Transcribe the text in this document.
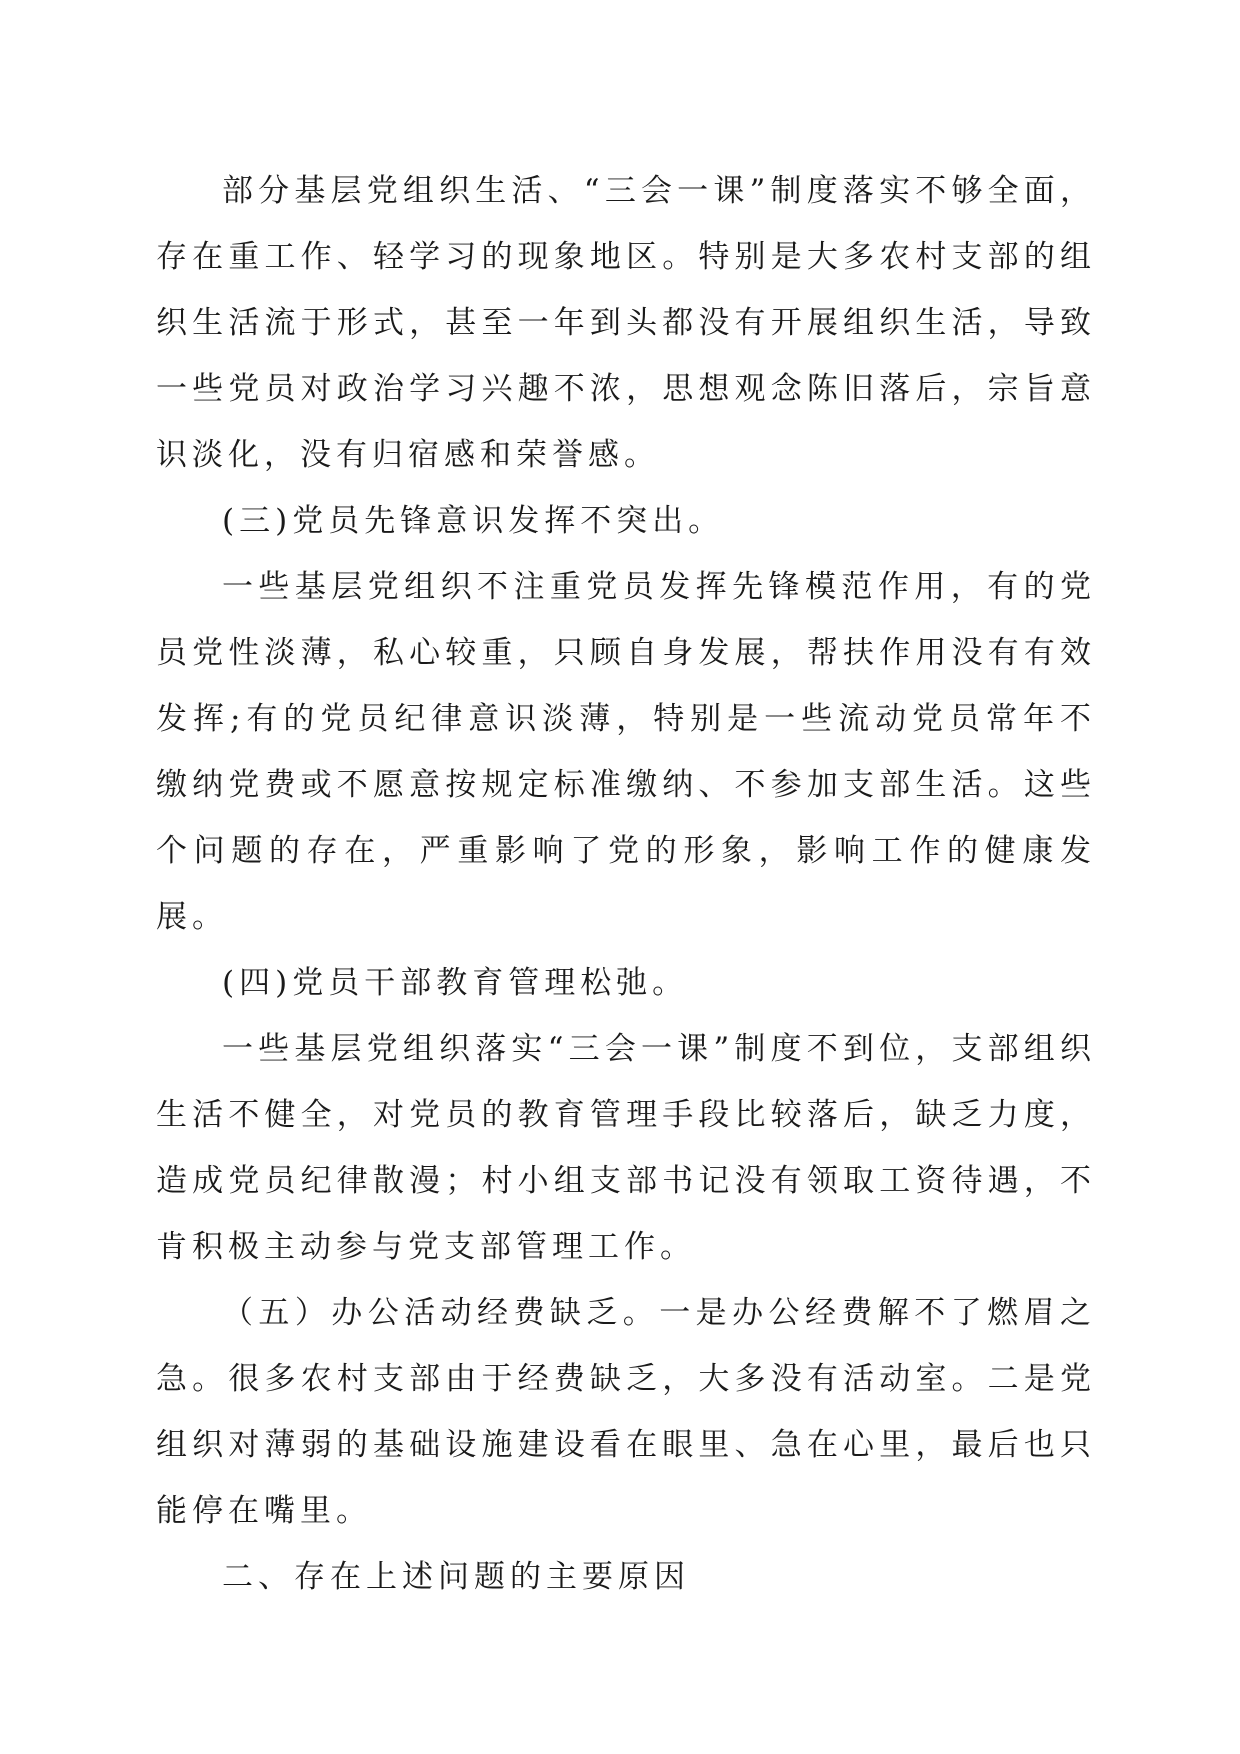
部分基层党组织生活、“三会一课”制度落实不够全面，存在重工作、轻学习的现象地区。特别是大多农村支部的组织生活流于形式，甚至一年到头都没有开展组织生活，导致一些党员对政治学习兴趣不浓，思想观念陈旧落后，宗旨意识淡化，没有归宿感和荣誉感。

(三)党员先锋意识发挥不突出。

一些基层党组织不注重党员发挥先锋模范作用，有的党员党性淡薄，私心较重，只顾自身发展，帮扶作用没有有效发挥;有的党员纪律意识淡薄，特别是一些流动党员常年不缴纳党费或不愿意按规定标准缴纳、不参加支部生活。这些个问题的存在，严重影响了党的形象，影响工作的健康发展。

(四)党员干部教育管理松弛。

一些基层党组织落实“三会一课”制度不到位，支部组织生活不健全，对党员的教育管理手段比较落后，缺乏力度，造成党员纪律散漫；村小组支部书记没有领取工资待遇，不肯积极主动参与党支部管理工作。

（五）办公活动经费缺乏。一是办公经费解不了燃眉之急。很多农村支部由于经费缺乏，大多没有活动室。二是党组织对薄弱的基础设施建设看在眼里、急在心里，最后也只能停在嘴里。

二、存在上述问题的主要原因
